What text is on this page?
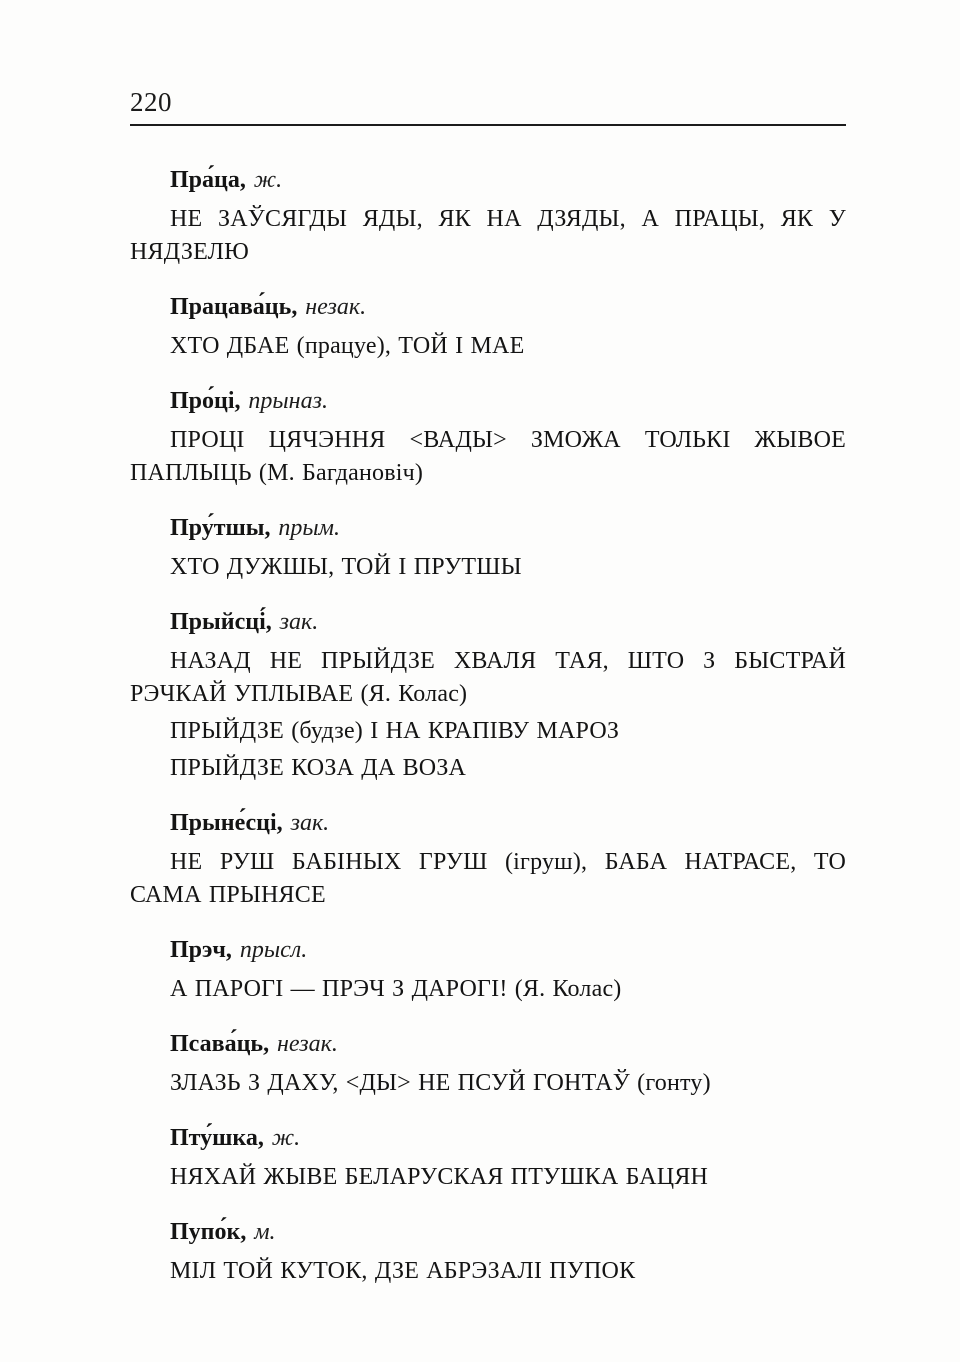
220

Пра́ца, ж.

НЕ ЗАЎСЯГДЫ ЯДЫ, ЯК НА ДЗЯДЫ, А ПРАЦЫ, ЯК У НЯДЗЕЛЮ

Працава́ць, незак.

ХТО ДБАЕ (працуе), ТОЙ І МАЕ

Про́ці, прыназ.

ПРОЦІ ЦЯЧЭННЯ <ВАДЫ> ЗМОЖА ТОЛЬКІ ЖЫВОЕ ПАПЛЫЦЬ (М. Багдановіч)

Пру́тшы, прым.

ХТО ДУЖШЫ, ТОЙ І ПРУТШЫ

Прыйсці́, зак.

НАЗАД НЕ ПРЫЙДЗЕ ХВАЛЯ ТАЯ, ШТО З БЫСТРАЙ РЭЧКАЙ УПЛЫВАЕ (Я. Колас)

ПРЫЙДЗЕ (будзе) І НА КРАПІВУ МАРОЗ

ПРЫЙДЗЕ КОЗА ДА ВОЗА

Прыне́сці, зак.

НЕ РУШ БАБІНЫХ ГРУШ (ігруш), БАБА НАТРАСЕ, ТО САМА ПРЫНЯСЕ

Прэч, прысл.

А ПАРОГІ — ПРЭЧ З ДАРОГІ! (Я. Колас)

Псава́ць, незак.

ЗЛАЗЬ З ДАХУ, <ДЫ> НЕ ПСУЙ ГОНТАЎ (гонту)

Пту́шка, ж.

НЯХАЙ ЖЫВЕ БЕЛАРУСКАЯ ПТУШКА БАЦЯН

Пупо́к, м.

МІЛ ТОЙ КУТОК, ДЗЕ АБРЭЗАЛІ ПУПОК
